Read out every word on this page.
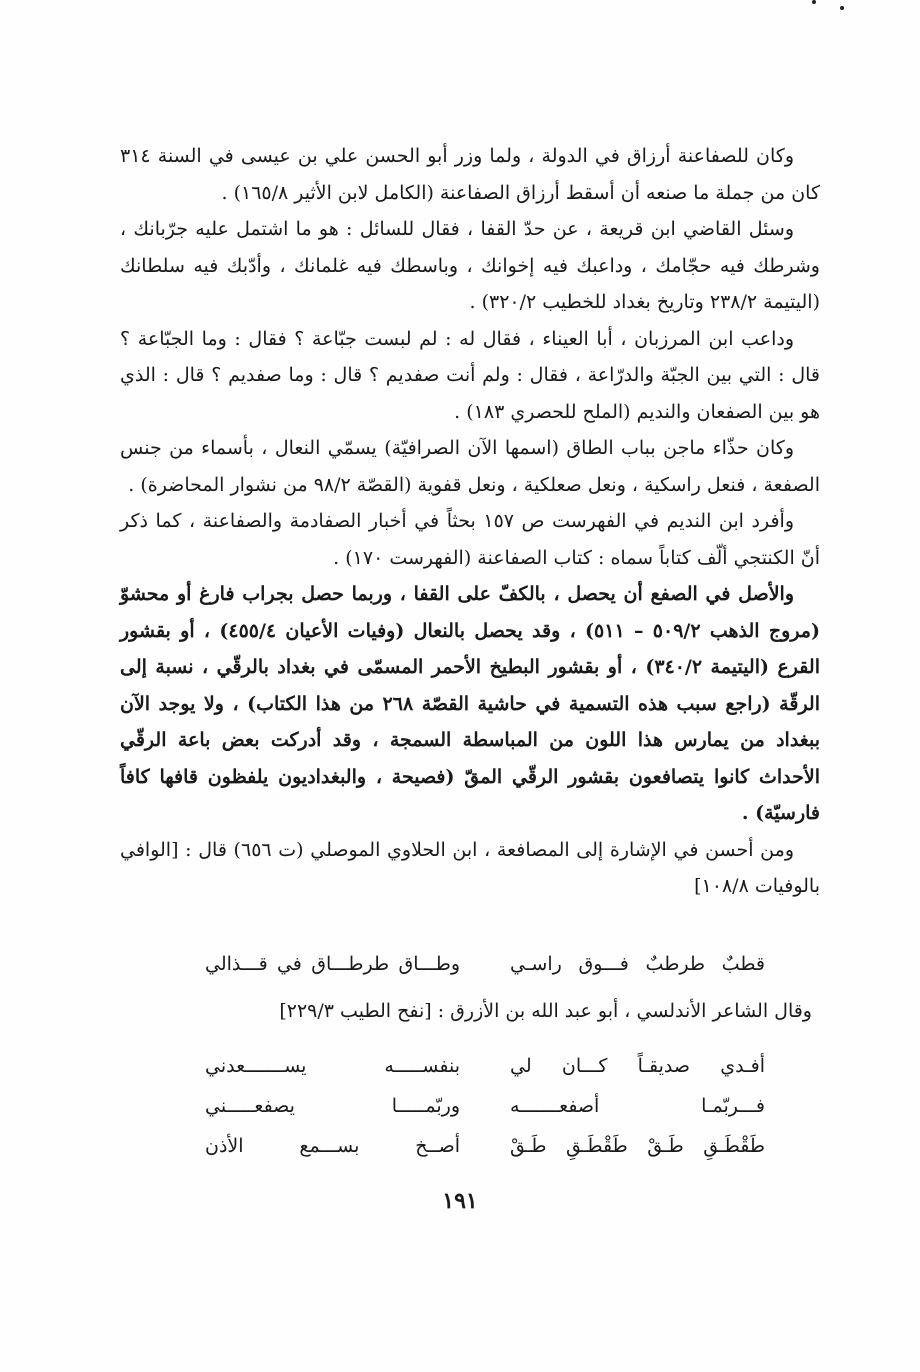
وكان للصفاعنة أرزاق في الدولة ، ولما وزر أبو الحسن علي بن عيسى في السنة ٣١٤ كان من جملة ما صنعه أن أسقط أرزاق الصفاعنة (الكامل لابن الأثير ١٦٥/٨) .

وسئل القاضي ابن قريعة ، عن حدّ القفا ، فقال للسائل : هو ما اشتمل عليه جرّبانك ، وشرطك فيه حجّامك ، وداعبك فيه إخوانك ، وباسطك فيه غلمانك ، وأدّبك فيه سلطانك (اليتيمة ٢٣٨/٢ وتاريخ بغداد للخطيب ٣٢٠/٢) .

وداعب ابن المرزبان ، أبا العيناء ، فقال له : لم لبست جبّاعة ؟ فقال : وما الجبّاعة ؟ قال : التي بين الجبّة والدرّاعة ، فقال : ولم أنت صفديم ؟ قال : وما صفديم ؟ قال : الذي هو بين الصفعان والنديم (الملح للحصري ١٨٣) .

وكان حذّاء ماجن بباب الطاق (اسمها الآن الصرافيّة) يسمّي النعال ، بأسماء من جنس الصفعة ، فنعل راسكية ، ونعل صعلكية ، ونعل قفوية (القصّة ٩٨/٢ من نشوار المحاضرة) .

وأفرد ابن النديم في الفهرست ص ١٥٧ بحثاً في أخبار الصفادمة والصفاعنة ، كما ذكر أنّ الكنتجي ألّف كتاباً سماه : كتاب الصفاعنة (الفهرست ١٧٠) .

والأصل في الصفع أن يحصل ، بالكفّ على القفا ، وربما حصل بجراب فارغ أو محشوّ (مروج الذهب ٥٠٩/٢ – ٥١١) ، وقد يحصل بالنعال (وفيات الأعيان ٤٥٥/٤) ، أو بقشور القرع (اليتيمة ٣٤٠/٢) ، أو بقشور البطيخ الأحمر المسمّى في بغداد بالرقّي ، نسبة إلى الرقّة (راجع سبب هذه التسمية في حاشية القصّة ٢٦٨ من هذا الكتاب) ، ولا يوجد الآن ببغداد من يمارس هذا اللون من المباسطة السمجة ، وقد أدركت بعض باعة الرقّي الأحداث كانوا يتصافعون بقشور الرقّي المقّ (فصيحة ، والبغداديون يلفظون قافها كافاً فارسيّة) .

ومن أحسن في الإشارة إلى المصافعة ، ابن الحلاوي الموصلي (ت ٦٥٦) قال : [الوافي بالوفيات ١٠٨/٨]

قطبٌ طرطبٌ فـــوق راسـي
وطـــاق طرطـــاق في قـــذالي
وقال الشاعر الأندلسي ، أبو عبد الله بن الأزرق : [نفح الطيب ٢٢٩/٣]
أفـدي صديقـاً كـــان لي
بنفســـــه يســـــــعدني
فـــربّمـا أصفعـــــــه
وربّمـــــا يصفعـــــني
طَقْطَـقِ طَـقْ طَقْطَـقِ طَـقْ
أصــخ بســـمع الأذن
١٩١
